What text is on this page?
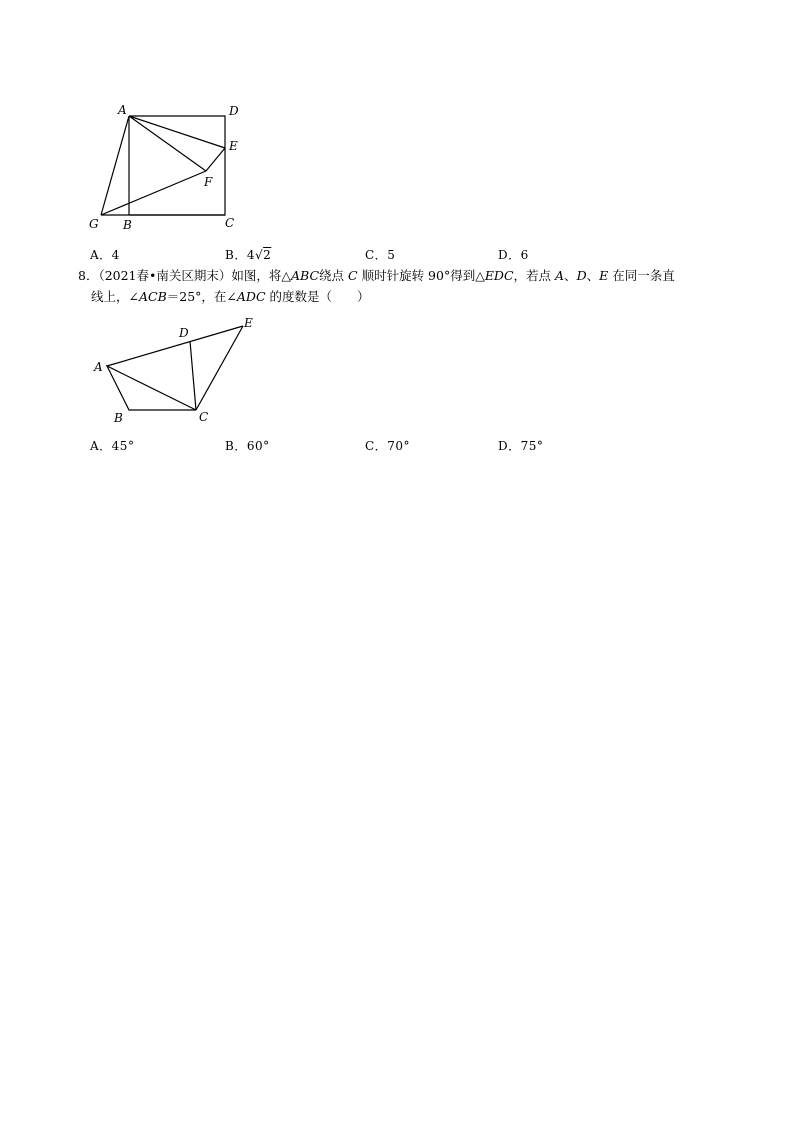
A	D
E
F
G B	C
A．4	B．4√2	C．5	D．6
8．（2021春•南关区期末）如图，将△ABC绕点 C 顺时针旋转 90°得到△EDC，若点 A、D、E 在同一条直
线上，∠ACB＝25°，在∠ADC 的度数是（　　）
A
B	C
D
E
A．45°	B．60°	C．70°	D．75°
